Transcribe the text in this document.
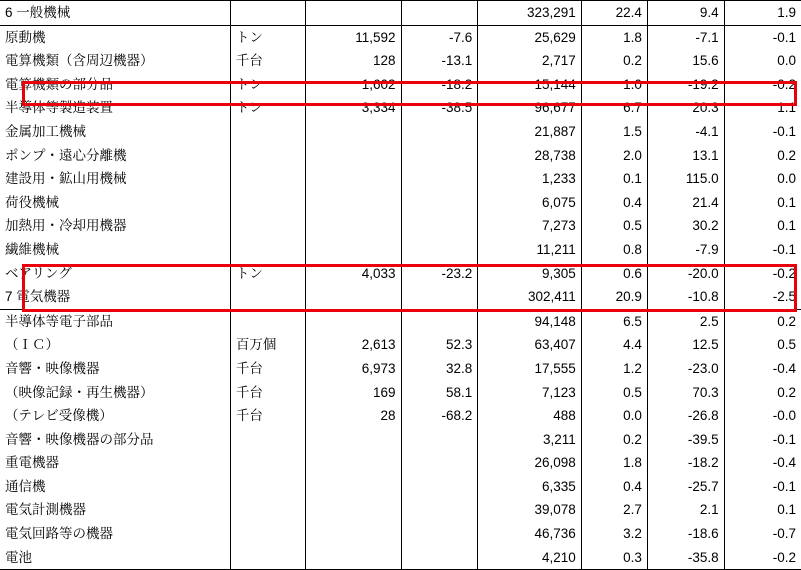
6 一般機械				323,291	22.4	9.4	1.9
原動機	トン	11,592	-7.6	25,629	1.8	-7.1	-0.1
電算機類（含周辺機器）	千台	128	-13.1	2,717	0.2	15.6	0.0
電算機類の部分品	トン	1,602	-18.2	15,144	1.0	-19.2	-0.2
半導体等製造装置	トン	3,334	-38.5	96,677	6.7	20.3	1.1
金属加工機械				21,887	1.5	-4.1	-0.1
ポンプ・遠心分離機				28,738	2.0	13.1	0.2
建設用・鉱山用機械				1,233	0.1	115.0	0.0
荷役機械				6,075	0.4	21.4	0.1
加熱用・冷却用機器				7,273	0.5	30.2	0.1
繊維機械				11,211	0.8	-7.9	-0.1
ベアリング	トン	4,033	-23.2	9,305	0.6	-20.0	-0.2
7 電気機器				302,411	20.9	-10.8	-2.5
半導体等電子部品				94,148	6.5	2.5	0.2
（ＩＣ）	百万個	2,613	52.3	63,407	4.4	12.5	0.5
音響・映像機器	千台	6,973	32.8	17,555	1.2	-23.0	-0.4
（映像記録・再生機器）	千台	169	58.1	7,123	0.5	70.3	0.2
（テレビ受像機）	千台	28	-68.2	488	0.0	-26.8	-0.0
音響・映像機器の部分品				3,211	0.2	-39.5	-0.1
重電機器				26,098	1.8	-18.2	-0.4
通信機				6,335	0.4	-25.7	-0.1
電気計測機器				39,078	2.7	2.1	0.1
電気回路等の機器				46,736	3.2	-18.6	-0.7
電池				4,210	0.3	-35.8	-0.2
